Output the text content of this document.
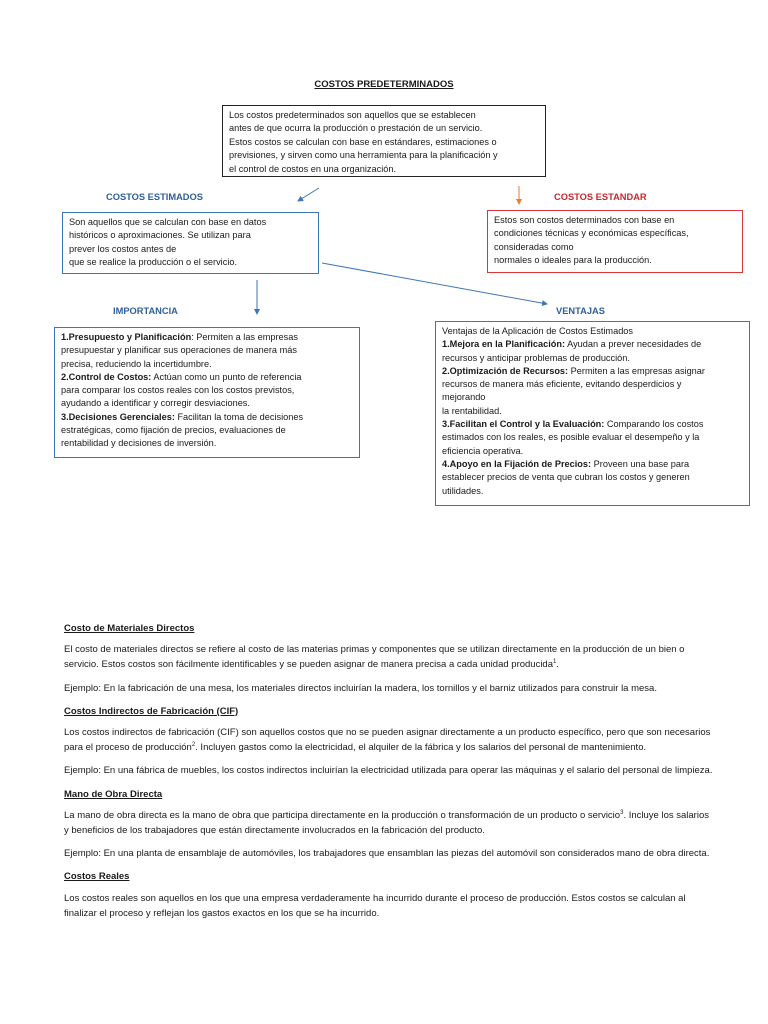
COSTOS PREDETERMINADOS

Los costos predeterminados son aquellos que se establecen

antes de que ocurra la producción o prestación de un servicio.

Estos costos se calculan con base en estándares, estimaciones o

previsiones, y sirven como una herramienta para la planificación y

el control de costos en una organización.

COSTOS ESTIMADOS	COSTOS ESTANDAR

Son aquellos que se calculan con base en datos

históricos o aproximaciones. Se utilizan para

prever los costos antes de

que se realice la producción o el servicio.

Estos son costos determinados con base en

condiciones técnicas y económicas específicas,

consideradas como

normales o ideales para la producción.

IMPORTANCIA	VENTAJAS

1.Presupuesto y Planificación: Permiten a las empresas

presupuestar y planificar sus operaciones de manera más

precisa, reduciendo la incertidumbre.

2.Control de Costos: Actúan como un punto de referencia

para comparar los costos reales con los costos previstos,

ayudando a identificar y corregir desviaciones.

3.Decisiones Gerenciales: Facilitan la toma de decisiones

estratégicas, como fijación de precios, evaluaciones de

rentabilidad y decisiones de inversión.

Ventajas de la Aplicación de Costos Estimados

1.Mejora en la Planificación: Ayudan a prever necesidades de

recursos y anticipar problemas de producción.

2.Optimización de Recursos: Permiten a las empresas asignar

recursos de manera más eficiente, evitando desperdicios y

mejorando

la rentabilidad.

3.Facilitan el Control y la Evaluación: Comparando los costos

estimados con los reales, es posible evaluar el desempeño y la

eficiencia operativa.

4.Apoyo en la Fijación de Precios: Proveen una base para

establecer precios de venta que cubran los costos y generen

utilidades.

Costo de Materiales Directos

El costo de materiales directos se refiere al costo de las materias primas y componentes que se utilizan directamente en la producción de un bien o servicio. Estos costos son fácilmente identificables y se pueden asignar de manera precisa a cada unidad producida$^1$.

Ejemplo: En la fabricación de una mesa, los materiales directos incluirían la madera, los tornillos y el barniz utilizados para construir la mesa.

Costos Indirectos de Fabricación (CIF)

Los costos indirectos de fabricación (CIF) son aquellos costos que no se pueden asignar directamente a un producto específico, pero que son necesarios para el proceso de producción$^2$. Incluyen gastos como la electricidad, el alquiler de la fábrica y los salarios del personal de mantenimiento.

Ejemplo: En una fábrica de muebles, los costos indirectos incluirían la electricidad utilizada para operar las máquinas y el salario del personal de limpieza.

Mano de Obra Directa

La mano de obra directa es la mano de obra que participa directamente en la producción o transformación de un producto o servicio$^3$. Incluye los salarios y beneficios de los trabajadores que están directamente involucrados en la fabricación del producto.

Ejemplo: En una planta de ensamblaje de automóviles, los trabajadores que ensamblan las piezas del automóvil son considerados mano de obra directa.

Costos Reales

Los costos reales son aquellos en los que una empresa verdaderamente ha incurrido durante el proceso de producción. Estos costos se calculan al finalizar el proceso y reflejan los gastos exactos en los que se ha incurrido.
